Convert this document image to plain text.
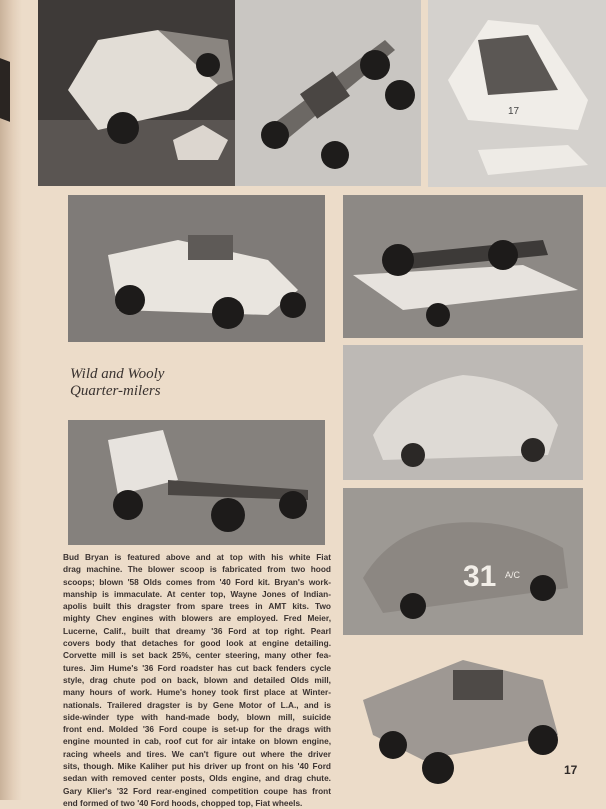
17
Wild and Wooly
Quarter-milers
31 A/C
Bud Bryan is featured above and at top with his white Fiat
drag machine. The blower scoop is fabricated from two hood
scoops; blown '58 Olds comes from '40 Ford kit. Bryan's work-
manship is immaculate. At center top, Wayne Jones of Indian-
apolis built this dragster from spare trees in AMT kits. Two
mighty Chev engines with blowers are employed. Fred Meier,
Lucerne, Calif., built that dreamy '36 Ford at top right. Pearl
covers body that detaches for good look at engine detailing.
Corvette mill is set back 25%, center steering, many other fea-
tures. Jim Hume's '36 Ford roadster has cut back fenders cycle
style, drag chute pod on back, blown and detailed Olds mill,
many hours of work. Hume's honey took first place at Winter-
nationals. Trailered dragster is by Gene Motor of L.A., and is
side-winder type with hand-made body, blown mill, suicide
front end. Molded '36 Ford coupe is set-up for the drags with
engine mounted in cab, roof cut for air intake on blown engine,
racing wheels and tires. We can't figure out where the driver
sits, though. Mike Kaliher put his driver up front on his '40 Ford
sedan with removed center posts, Olds engine, and drag chute.
Gary Klier's '32 Ford rear-engined competition coupe has front
end formed of two '40 Ford hoods, chopped top, Fiat wheels.
17
